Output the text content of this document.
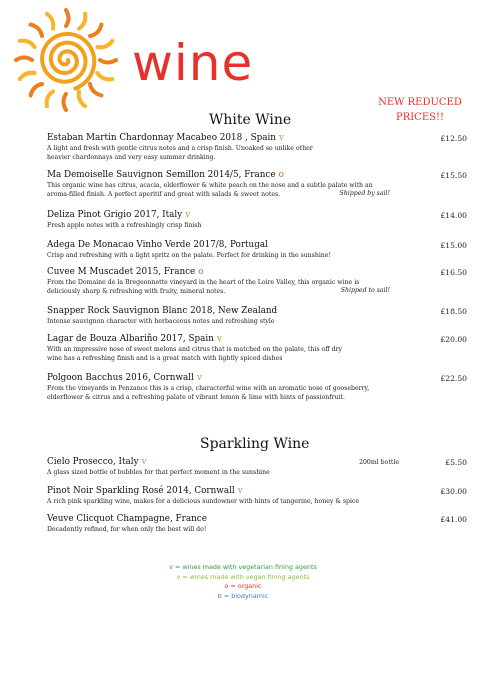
wine
NEW REDUCED
PRICES!!
White Wine
Estaban Martin Chardonnay Macabeo 2018 , Spain v
A light and fresh with gentle citrus notes and a crisp finish. Unoaked so unlike other
heavier chardonnays and very easy summer drinking.
£12.50
Ma Demoiselle Sauvignon Semillon 2014/5, France o
This organic wine has citrus, acacia, elderflower & white peach on the nose and a subtle palate with an
aroma-filled finish. A perfect aperitif and great with salads & sweet notes.	Shipped by sail!
£15.50
Deliza Pinot Grigio 2017, Italy v
Fresh apple notes with a refreshingly crisp finish
£14.00
Adega De Monacao Vinho Verde 2017/8, Portugal
Crisp and refreshing with a light spritz on the palate. Perfect for drinking in the sunshine!
£15.00
Cuvee M Muscadet 2015, France o
From the Domaine de la Bregeonnette vineyard in the heart of the Loire Valley, this organic wine is
deliciously sharp & refreshing with fruity, mineral notes.	Shipped to sail!
£16.50
Snapper Rock Sauvignon Blanc 2018, New Zealand
Intense sauvignon character with herbaceous notes and refreshing style
£18.50
Lagar de Bouza Albariño 2017, Spain v
With an impressive nose of sweet melons and citrus that is matched on the palate, this off dry
wine has a refreshing finish and is a great match with lightly spiced dishes
£20.00
Polgoon Bacchus 2016, Cornwall v
From the vineyards in Penzance this is a crisp, characterful wine with an aromatic nose of gooseberry,
elderflower & citrus and a refreshing palate of vibrant lemon & lime with hints of passionfruit.
£22.50
Sparkling Wine
Cielo Prosecco, Italy v
A glass sized bottle of bubbles for that perfect moment in the sunshine
200ml bottle	£5.50
Pinot Noir Sparkling Rosé 2014, Cornwall v
A rich pink sparkling wine, makes for a delicious sundowner with hints of tangerine, honey & spice
£30.00
Veuve Clicquot Champagne, France
Decadently refined, for when only the best will do!
£41.00
v = wines made with vegetarian fining agents
v = wines made with vegan fining agents
o = organic
b = biodynamic
